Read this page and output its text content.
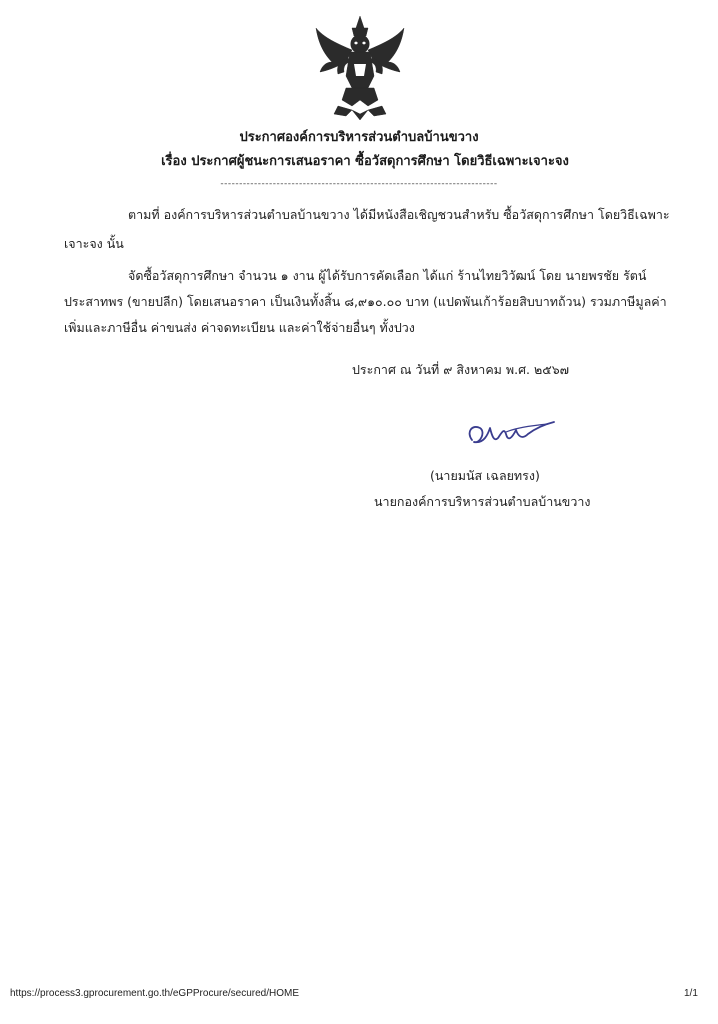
ประกาศองค์การบริหารส่วนตำบลบ้านขวาง
เรื่อง ประกาศผู้ชนะการเสนอราคา ซื้อวัสดุการศึกษา โดยวิธีเฉพาะเจาะจง
--------------------------------------------------------------------------
ตามที่ องค์การบริหารส่วนตำบลบ้านขวาง ได้มีหนังสือเชิญชวนสำหรับ ซื้อวัสดุการศึกษา โดยวิธีเฉพาะ
เจาะจง นั้น
จัดซื้อวัสดุการศึกษา จำนวน ๑ งาน ผู้ได้รับการคัดเลือก ได้แก่ ร้านไทยวิวัฒน์ โดย นายพรชัย รัตน์
ประสาทพร (ขายปลีก) โดยเสนอราคา เป็นเงินทั้งสิ้น ๘,๙๑๐.๐๐ บาท (แปดพันเก้าร้อยสิบบาทถ้วน) รวมภาษีมูลค่า
เพิ่มและภาษีอื่น ค่าขนส่ง ค่าจดทะเบียน และค่าใช้จ่ายอื่นๆ ทั้งปวง
ประกาศ ณ วันที่ ๙ สิงหาคม พ.ศ. ๒๕๖๗
(นายมนัส เฉลยทรง)
นายกองค์การบริหารส่วนตำบลบ้านขวาง
https://process3.gprocurement.go.th/eGPProcure/secured/HOME	1/1
